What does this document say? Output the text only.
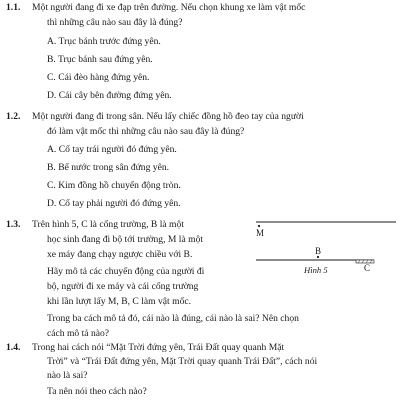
1.1. Một người đang đi xe đạp trên đường. Nếu chọn khung xe làm vật mốc
thì những câu nào sau đây là đúng?
A. Trục bánh trước đứng yên.
B. Trục bánh sau đứng yên.
C. Cái đèo hàng đứng yên.
D. Cái cây bên đường đứng yên.
1.2. Một người đang đi trong sân. Nếu lấy chiếc đồng hồ đeo tay của người
đó làm vật mốc thì những câu nào sau đây là đúng?
A. Cổ tay trái người đó đứng yên.
B. Bể nước trong sân đứng yên.
C. Kim đồng hồ chuyển động tròn.
D. Cổ tay phải người đó đứng yên.
1.3. Trên hình 5, C là cổng trường, B là một
học sinh đang đi bộ tới trường, M là một
xe máy đang chạy ngược chiều với B.
Hãy mô tả các chuyển động của người đi
bộ, người đi xe máy và cái cổng trường
khi lần lượt lấy M, B, C làm vật mốc.
Trong ba cách mô tả đó, cái nào là đúng, cái nào là sai? Nên chọn
cách mô tả nào?
M
B
C
Hình 5
1.4. Trong hai cách nói “Mặt Trời đứng yên, Trái Đất quay quanh Mặt
Trời” và “Trái Đất đứng yên, Mặt Trời quay quanh Trái Đất”, cách nói
nào là sai?
Ta nên nói theo cách nào?
